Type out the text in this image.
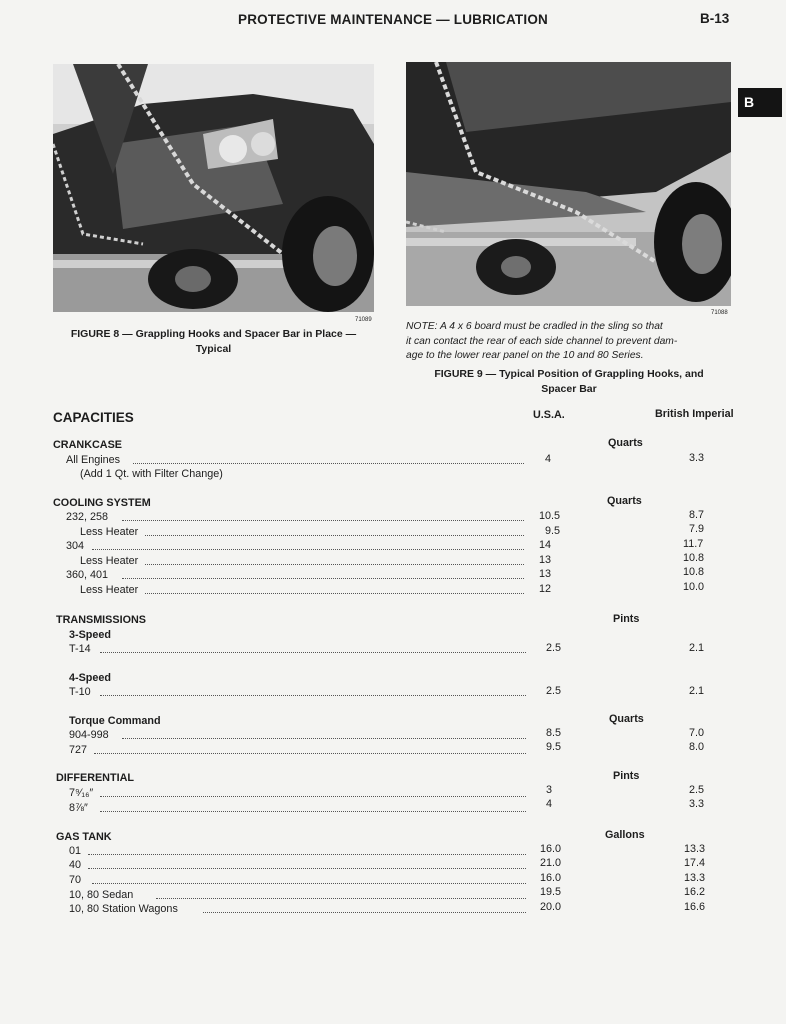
PROTECTIVE MAINTENANCE — LUBRICATION	B-13
B
71089
FIGURE 8 — Grappling Hooks and Spacer Bar in Place —
Typical
71088
NOTE: A 4 x 6 board must be cradled in the sling so that
it can contact the rear of each side channel to prevent dam-
age to the lower rear panel on the 10 and 80 Series.
FIGURE 9 — Typical Position of Grappling Hooks, and
Spacer Bar
CAPACITIES	U.S.A.	British Imperial
CRANKCASE	Quarts
All Engines	4	3.3
(Add 1 Qt. with Filter Change)
COOLING SYSTEM	Quarts
232, 258	10.5	8.7
Less Heater	9.5	7.9
304	14	11.7
Less Heater	13	10.8
360, 401	13	10.8
Less Heater	12	10.0
TRANSMISSIONS	Pints
3-Speed
T-14	2.5	2.1
4-Speed
T-10	2.5	2.1
Torque Command	Quarts
904-998	8.5	7.0
727	9.5	8.0
DIFFERENTIAL	Pints
7⁹⁄₁₆″	3	2.5
8⅞″	4	3.3
GAS TANK	Gallons
01	16.0	13.3
40	21.0	17.4
70	16.0	13.3
10, 80 Sedan	19.5	16.2
10, 80 Station Wagons	20.0	16.6
